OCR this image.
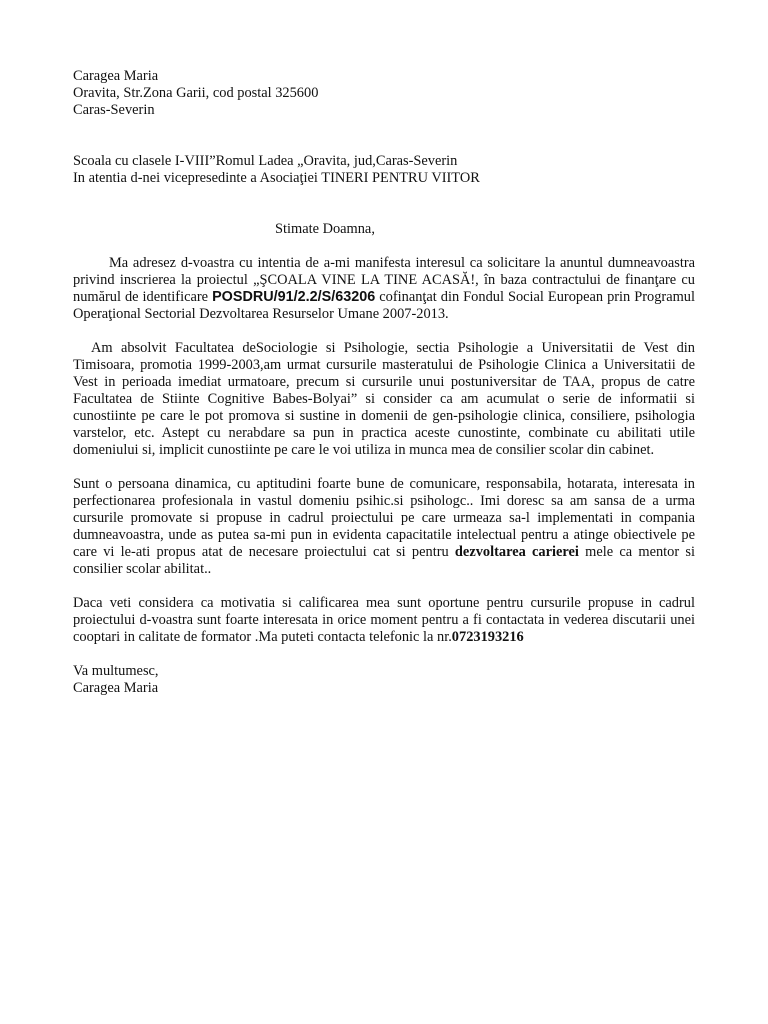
Caragea Maria
Oravita, Str.Zona Garii, cod postal 325600
Caras-Severin
Scoala cu clasele I-VIII”Romul Ladea „Oravita, jud,Caras-Severin
In atentia d-nei vicepresedinte a Asociaţiei TINERI PENTRU VIITOR
Stimate Doamna,

Ma adresez d-voastra cu intentia de a-mi manifesta interesul ca solicitare la anuntul dumneavoastra privind inscrierea la proiectul „ŞCOALA VINE LA TINE ACASĂ!, în baza contractului de finanţare cu numărul de identificare POSDRU/91/2.2/S/63206 cofinanţat din Fondul Social European prin Programul Operaţional Sectorial Dezvoltarea Resurselor Umane 2007-2013.

Am absolvit Facultatea deSociologie si Psihologie, sectia Psihologie a Universitatii de Vest din Timisoara, promotia 1999-2003,am urmat cursurile masteratului de Psihologie Clinica a Universitatii de Vest in perioada imediat urmatoare, precum si cursurile unui postuniversitar de TAA, propus de catre Facultatea de Stiinte Cognitive Babes-Bolyai” si consider ca am acumulat o serie de informatii si cunostiinte pe care le pot promova si sustine in domenii de gen-psihologie clinica, consiliere, psihologia varstelor, etc. Astept cu nerabdare sa pun in practica aceste cunostinte, combinate cu abilitati utile domeniului si, implicit cunostiinte pe care le voi utiliza in munca mea de consilier scolar din cabinet.

Sunt o persoana dinamica, cu aptitudini foarte bune de comunicare, responsabila, hotarata, interesata in perfectionarea profesionala in vastul domeniu psihic.si psihologc.. Imi doresc sa am sansa de a urma cursurile promovate si propuse in cadrul proiectului pe care urmeaza sa-l implementati in compania dumneavoastra, unde as putea sa-mi pun in evidenta capacitatile intelectual pentru a atinge obiectivele pe care vi le-ati propus atat de necesare proiectului cat si pentru dezvoltarea carierei mele ca mentor si consilier scolar abilitat..

Daca veti considera ca motivatia si calificarea mea sunt oportune pentru cursurile propuse in cadrul proiectului d-voastra sunt foarte interesata in orice moment pentru a fi contactata in vederea discutarii unei cooptari in calitate de formator .Ma puteti contacta telefonic la nr.0723193216

Va multumesc,
Caragea Maria
